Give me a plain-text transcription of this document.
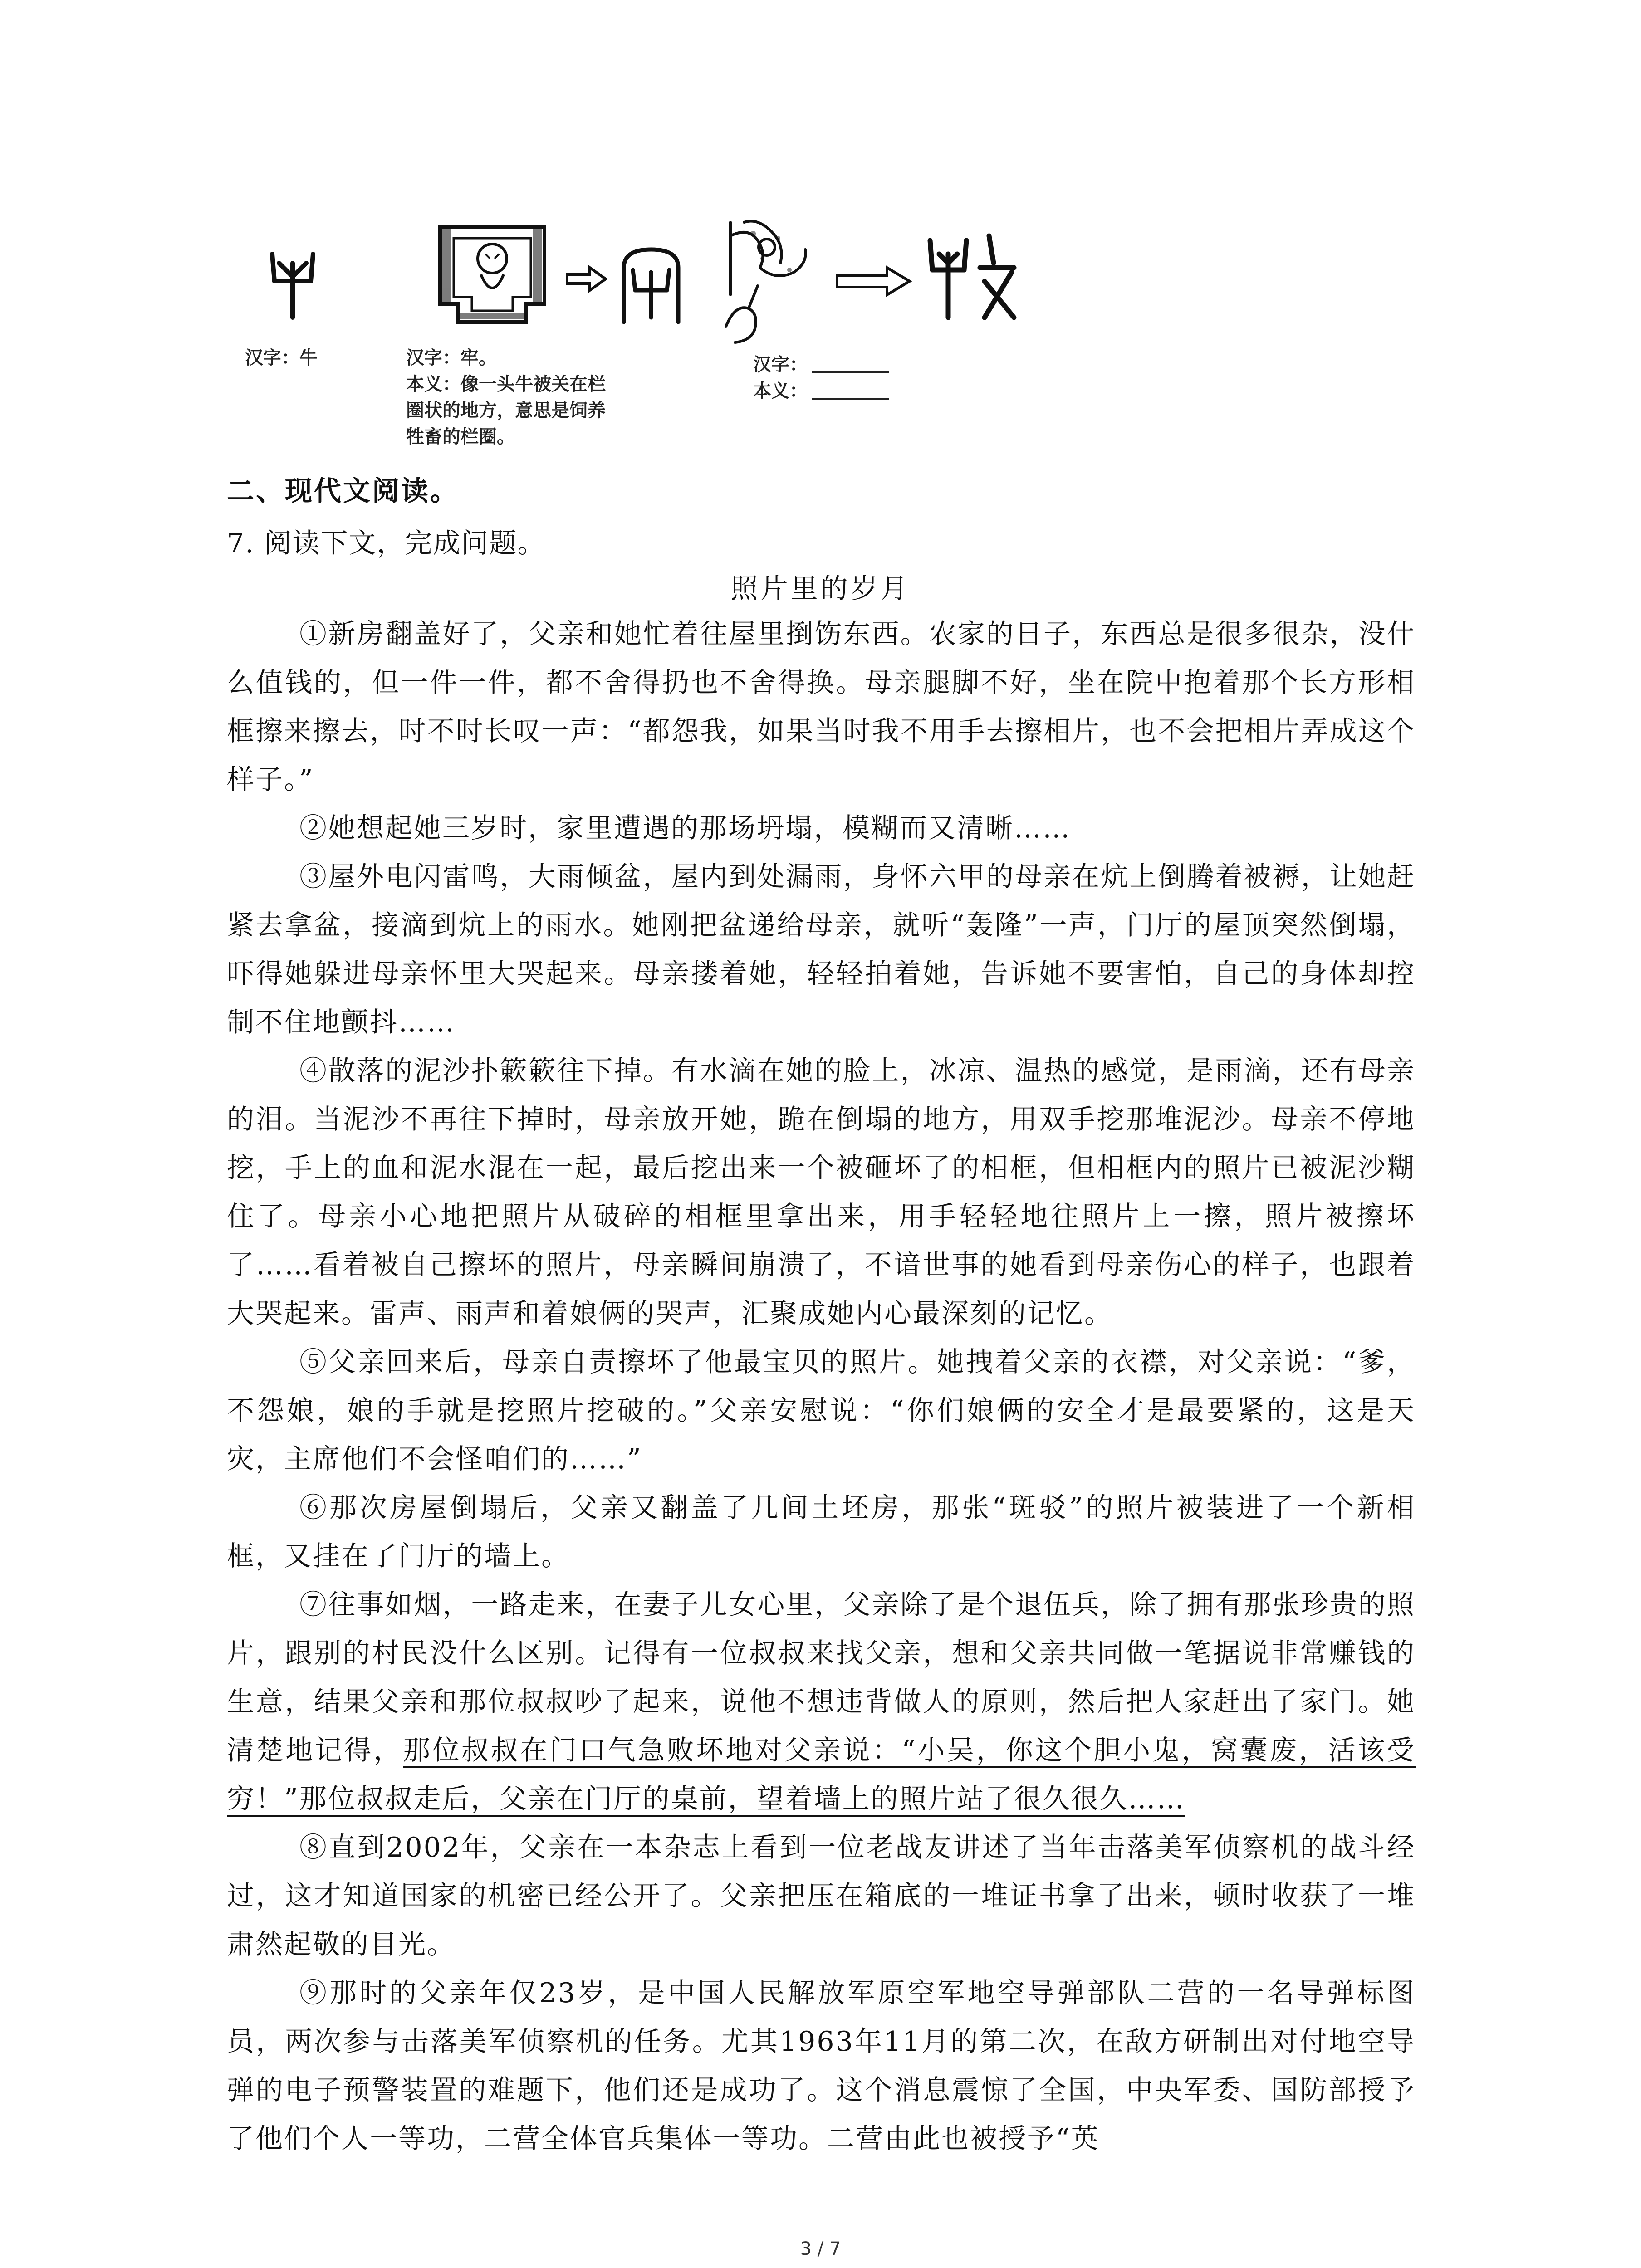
汉字：牛	汉字：牢。
本义：像一头牛被关在栏
圈状的地方，意思是饲养
牲畜的栏圈。
汉字：
本义：
二、现代文阅读。
7. 阅读下文，完成问题。
照片里的岁月

①新房翻盖好了，父亲和她忙着往屋里捯饬东西。农家的日子，东西总是很多很杂，没什么值钱的，但一件一件，都不舍得扔也不舍得换。母亲腿脚不好，坐在院中抱着那个长方形相框擦来擦去，时不时长叹一声：“都怨我，如果当时我不用手去擦相片，也不会把相片弄成这个样子。”

②她想起她三岁时，家里遭遇的那场坍塌，模糊而又清晰……

③屋外电闪雷鸣，大雨倾盆，屋内到处漏雨，身怀六甲的母亲在炕上倒腾着被褥，让她赶紧去拿盆，接滴到炕上的雨水。她刚把盆递给母亲，就听“轰隆”一声，门厅的屋顶突然倒塌，吓得她躲进母亲怀里大哭起来。母亲搂着她，轻轻拍着她，告诉她不要害怕，自己的身体却控制不住地颤抖……

④散落的泥沙扑簌簌往下掉。有水滴在她的脸上，冰凉、温热的感觉，是雨滴，还有母亲的泪。当泥沙不再往下掉时，母亲放开她，跪在倒塌的地方，用双手挖那堆泥沙。母亲不停地挖，手上的血和泥水混在一起，最后挖出来一个被砸坏了的相框，但相框内的照片已被泥沙糊住了。母亲小心地把照片从破碎的相框里拿出来，用手轻轻地往照片上一擦，照片被擦坏了……看着被自己擦坏的照片，母亲瞬间崩溃了，不谙世事的她看到母亲伤心的样子，也跟着大哭起来。雷声、雨声和着娘俩的哭声，汇聚成她内心最深刻的记忆。

⑤父亲回来后，母亲自责擦坏了他最宝贝的照片。她拽着父亲的衣襟，对父亲说：“爹，不怨娘，娘的手就是挖照片挖破的。”父亲安慰说：“你们娘俩的安全才是最要紧的，这是天灾，主席他们不会怪咱们的……”

⑥那次房屋倒塌后，父亲又翻盖了几间土坯房，那张“斑驳”的照片被装进了一个新相框，又挂在了门厅的墙上。

⑦往事如烟，一路走来，在妻子儿女心里，父亲除了是个退伍兵，除了拥有那张珍贵的照片，跟别的村民没什么区别。记得有一位叔叔来找父亲，想和父亲共同做一笔据说非常赚钱的生意，结果父亲和那位叔叔吵了起来，说他不想违背做人的原则，然后把人家赶出了家门。她清楚地记得，那位叔叔在门口气急败坏地对父亲说：“小吴，你这个胆小鬼，窝囊废，活该受穷！”那位叔叔走后，父亲在门厅的桌前，望着墙上的照片站了很久很久……

⑧直到2002年，父亲在一本杂志上看到一位老战友讲述了当年击落美军侦察机的战斗经过，这才知道国家的机密已经公开了。父亲把压在箱底的一堆证书拿了出来，顿时收获了一堆肃然起敬的目光。

⑨那时的父亲年仅23岁，是中国人民解放军原空军地空导弹部队二营的一名导弹标图员，两次参与击落美军侦察机的任务。尤其1963年11月的第二次，在敌方研制出对付地空导弹的电子预警装置的难题下，他们还是成功了。这个消息震惊了全国，中央军委、国防部授予了他们个人一等功，二营全体官兵集体一等功。二营由此也被授予“英

3 / 7
